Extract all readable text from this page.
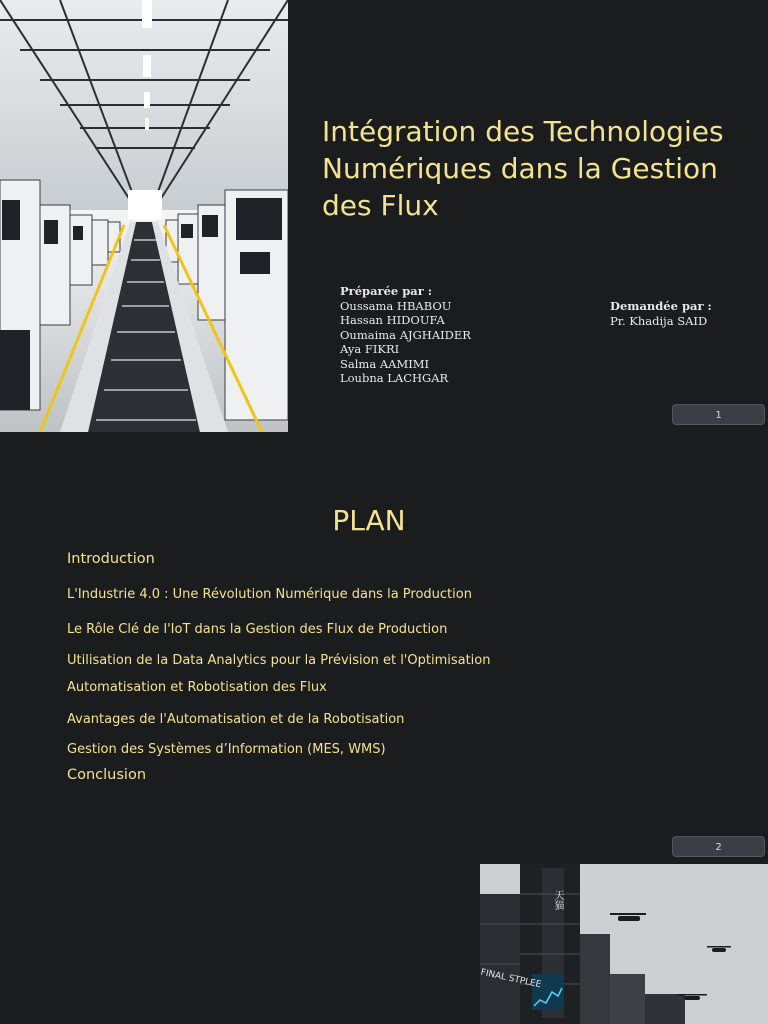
Intégration des Technologies Numériques dans la Gestion des Flux
Préparée par :
Oussama HBABOU
Hassan HIDOUFA
Oumaima AJGHAIDER
Aya FIKRI
Salma AAMIMI
Loubna LACHGAR
Demandée par :
Pr. Khadija SAID
1
PLAN
Introduction
L'Industrie 4.0 : Une Révolution Numérique dans la Production
Le Rôle Clé de l'IoT dans la Gestion des Flux de Production
Utilisation de la Data Analytics pour la Prévision et l'Optimisation
Automatisation et Robotisation des Flux
Avantages de l'Automatisation et de la Robotisation
Gestion des Systèmes d’Information (MES, WMS)
Conclusion
2
天猫
FINAL STPLEE
